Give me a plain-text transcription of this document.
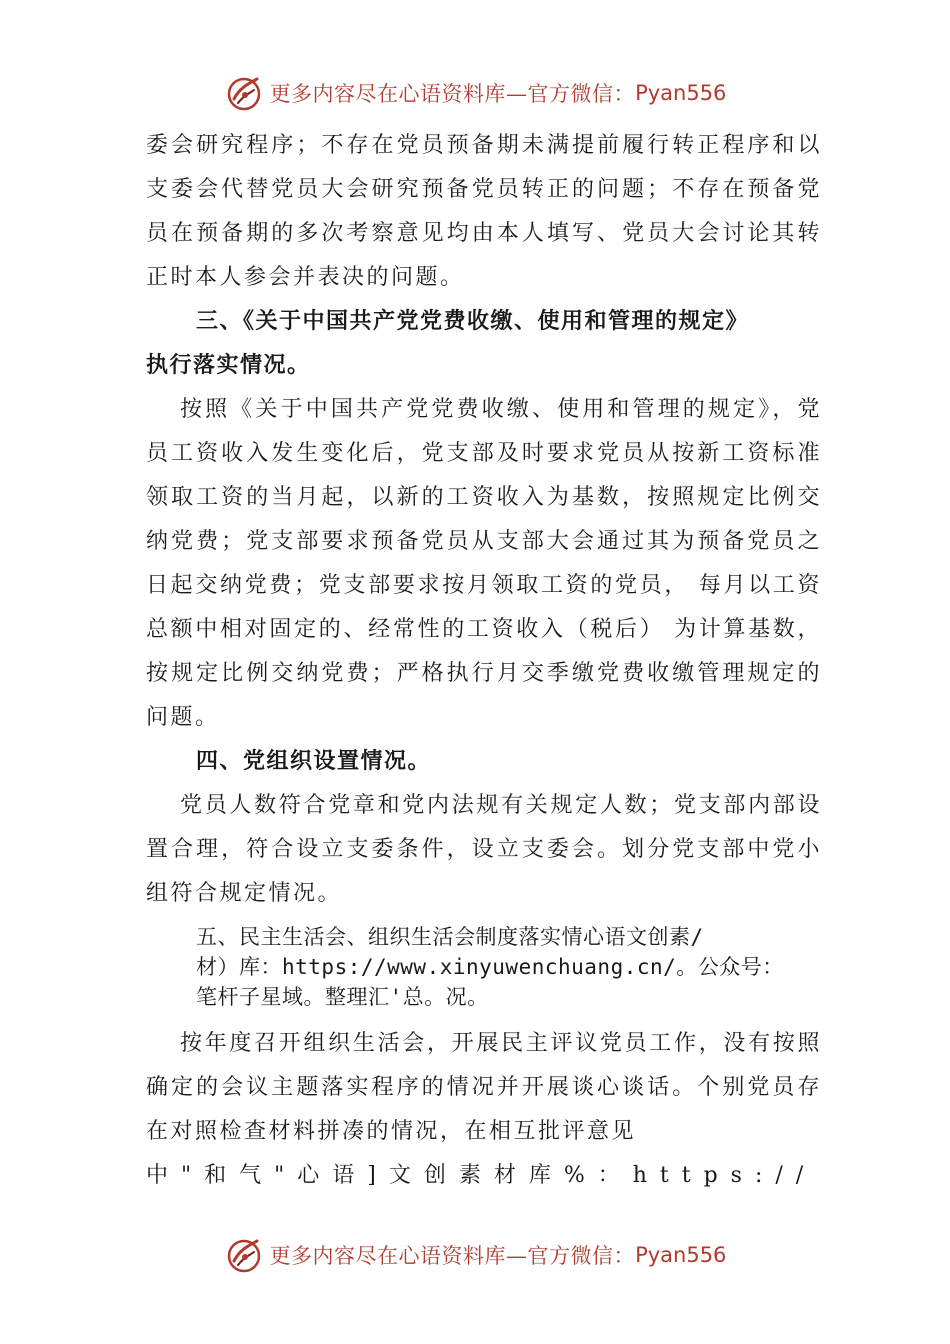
更多内容尽在心语资料库—官方微信： Pyan556

委会研究程序；不存在党员预备期未满提前履行转正程序和以支委会代替党员大会研究预备党员转正的问题；不存在预备党员在预备期的多次考察意见均由本人填写、党员大会讨论其转正时本人参会并表决的问题。

三、《关于中国共产党党费收缴、使用和管理的规定》

执行落实情况。

按照《关于中国共产党党费收缴、使用和管理的规定》，党员工资收入发生变化后，党支部及时要求党员从按新工资标准领取工资的当月起，以新的工资收入为基数，按照规定比例交纳党费；党支部要求预备党员从支部大会通过其为预备党员之日起交纳党费；党支部要求按月领取工资的党员， 每月以工资总额中相对固定的、经常性的工资收入（税后） 为计算基数，按规定比例交纳党费；严格执行月交季缴党费收缴管理规定的问题。

四、党组织设置情况。

党员人数符合党章和党内法规有关规定人数；党支部内部设置合理，符合设立支委条件，设立支委会。划分党支部中党小组符合规定情况。

五、民主生活会、组织生活会制度落实情心语文创素/
材）库：https://www.xinyuwenchuang.cn/。公众号：
笔杆子星域。整理汇'总。况。

按年度召开组织生活会，开展民主评议党员工作，没有按照确定的会议主题落实程序的情况并开展谈心谈话。个别党员存在对照检查材料拼凑的情况，在相互批评意见

中"和气"心语]文创素材库%：https://

更多内容尽在心语资料库—官方微信： Pyan556
